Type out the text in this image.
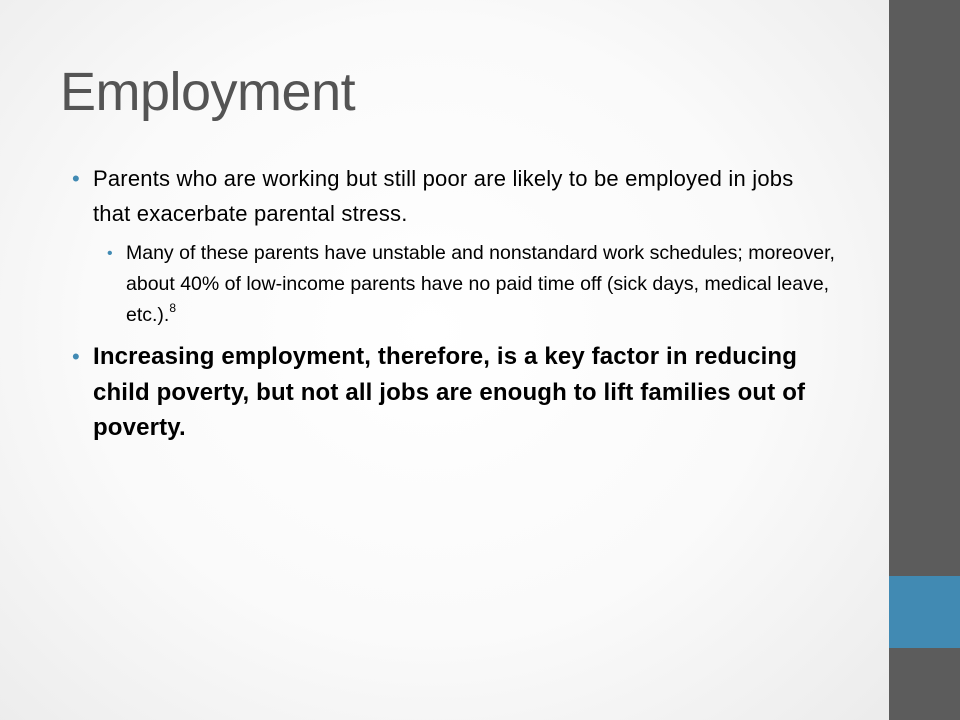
Employment
• Parents who are working but still poor are likely to be employed in jobs that exacerbate parental stress.
• Many of these parents have unstable and nonstandard work schedules; moreover, about 40% of low-income parents have no paid time off (sick days, medical leave, etc.).$^8$
• Increasing employment, therefore, is a key factor in reducing child poverty, but not all jobs are enough to lift families out of poverty.
